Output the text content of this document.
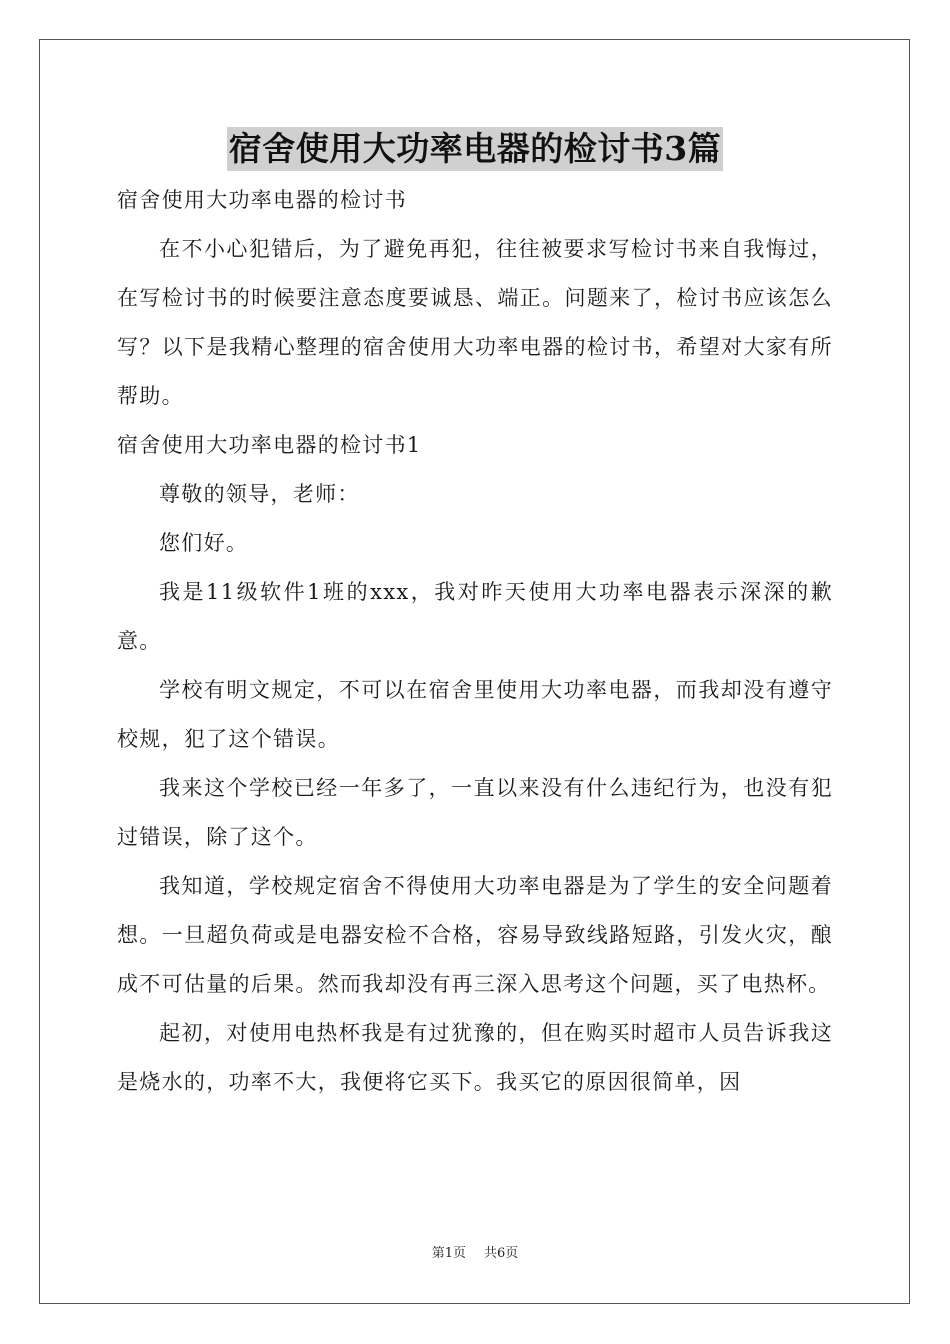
宿舍使用大功率电器的检讨书3篇

宿舍使用大功率电器的检讨书

在不小心犯错后，为了避免再犯，往往被要求写检讨书来自我悔过，在写检讨书的时候要注意态度要诚恳、端正。问题来了，检讨书应该怎么写？以下是我精心整理的宿舍使用大功率电器的检讨书，希望对大家有所帮助。

宿舍使用大功率电器的检讨书1

尊敬的领导，老师：

您们好。

我是11级软件1班的xxx，我对昨天使用大功率电器表示深深的歉意。

学校有明文规定，不可以在宿舍里使用大功率电器，而我却没有遵守校规，犯了这个错误。

我来这个学校已经一年多了，一直以来没有什么违纪行为，也没有犯过错误，除了这个。

我知道，学校规定宿舍不得使用大功率电器是为了学生的安全问题着想。一旦超负荷或是电器安检不合格，容易导致线路短路，引发火灾，酿成不可估量的后果。然而我却没有再三深入思考这个问题，买了电热杯。

起初，对使用电热杯我是有过犹豫的，但在购买时超市人员告诉我这是烧水的，功率不大，我便将它买下。我买它的原因很简单，因

第1页 共6页
